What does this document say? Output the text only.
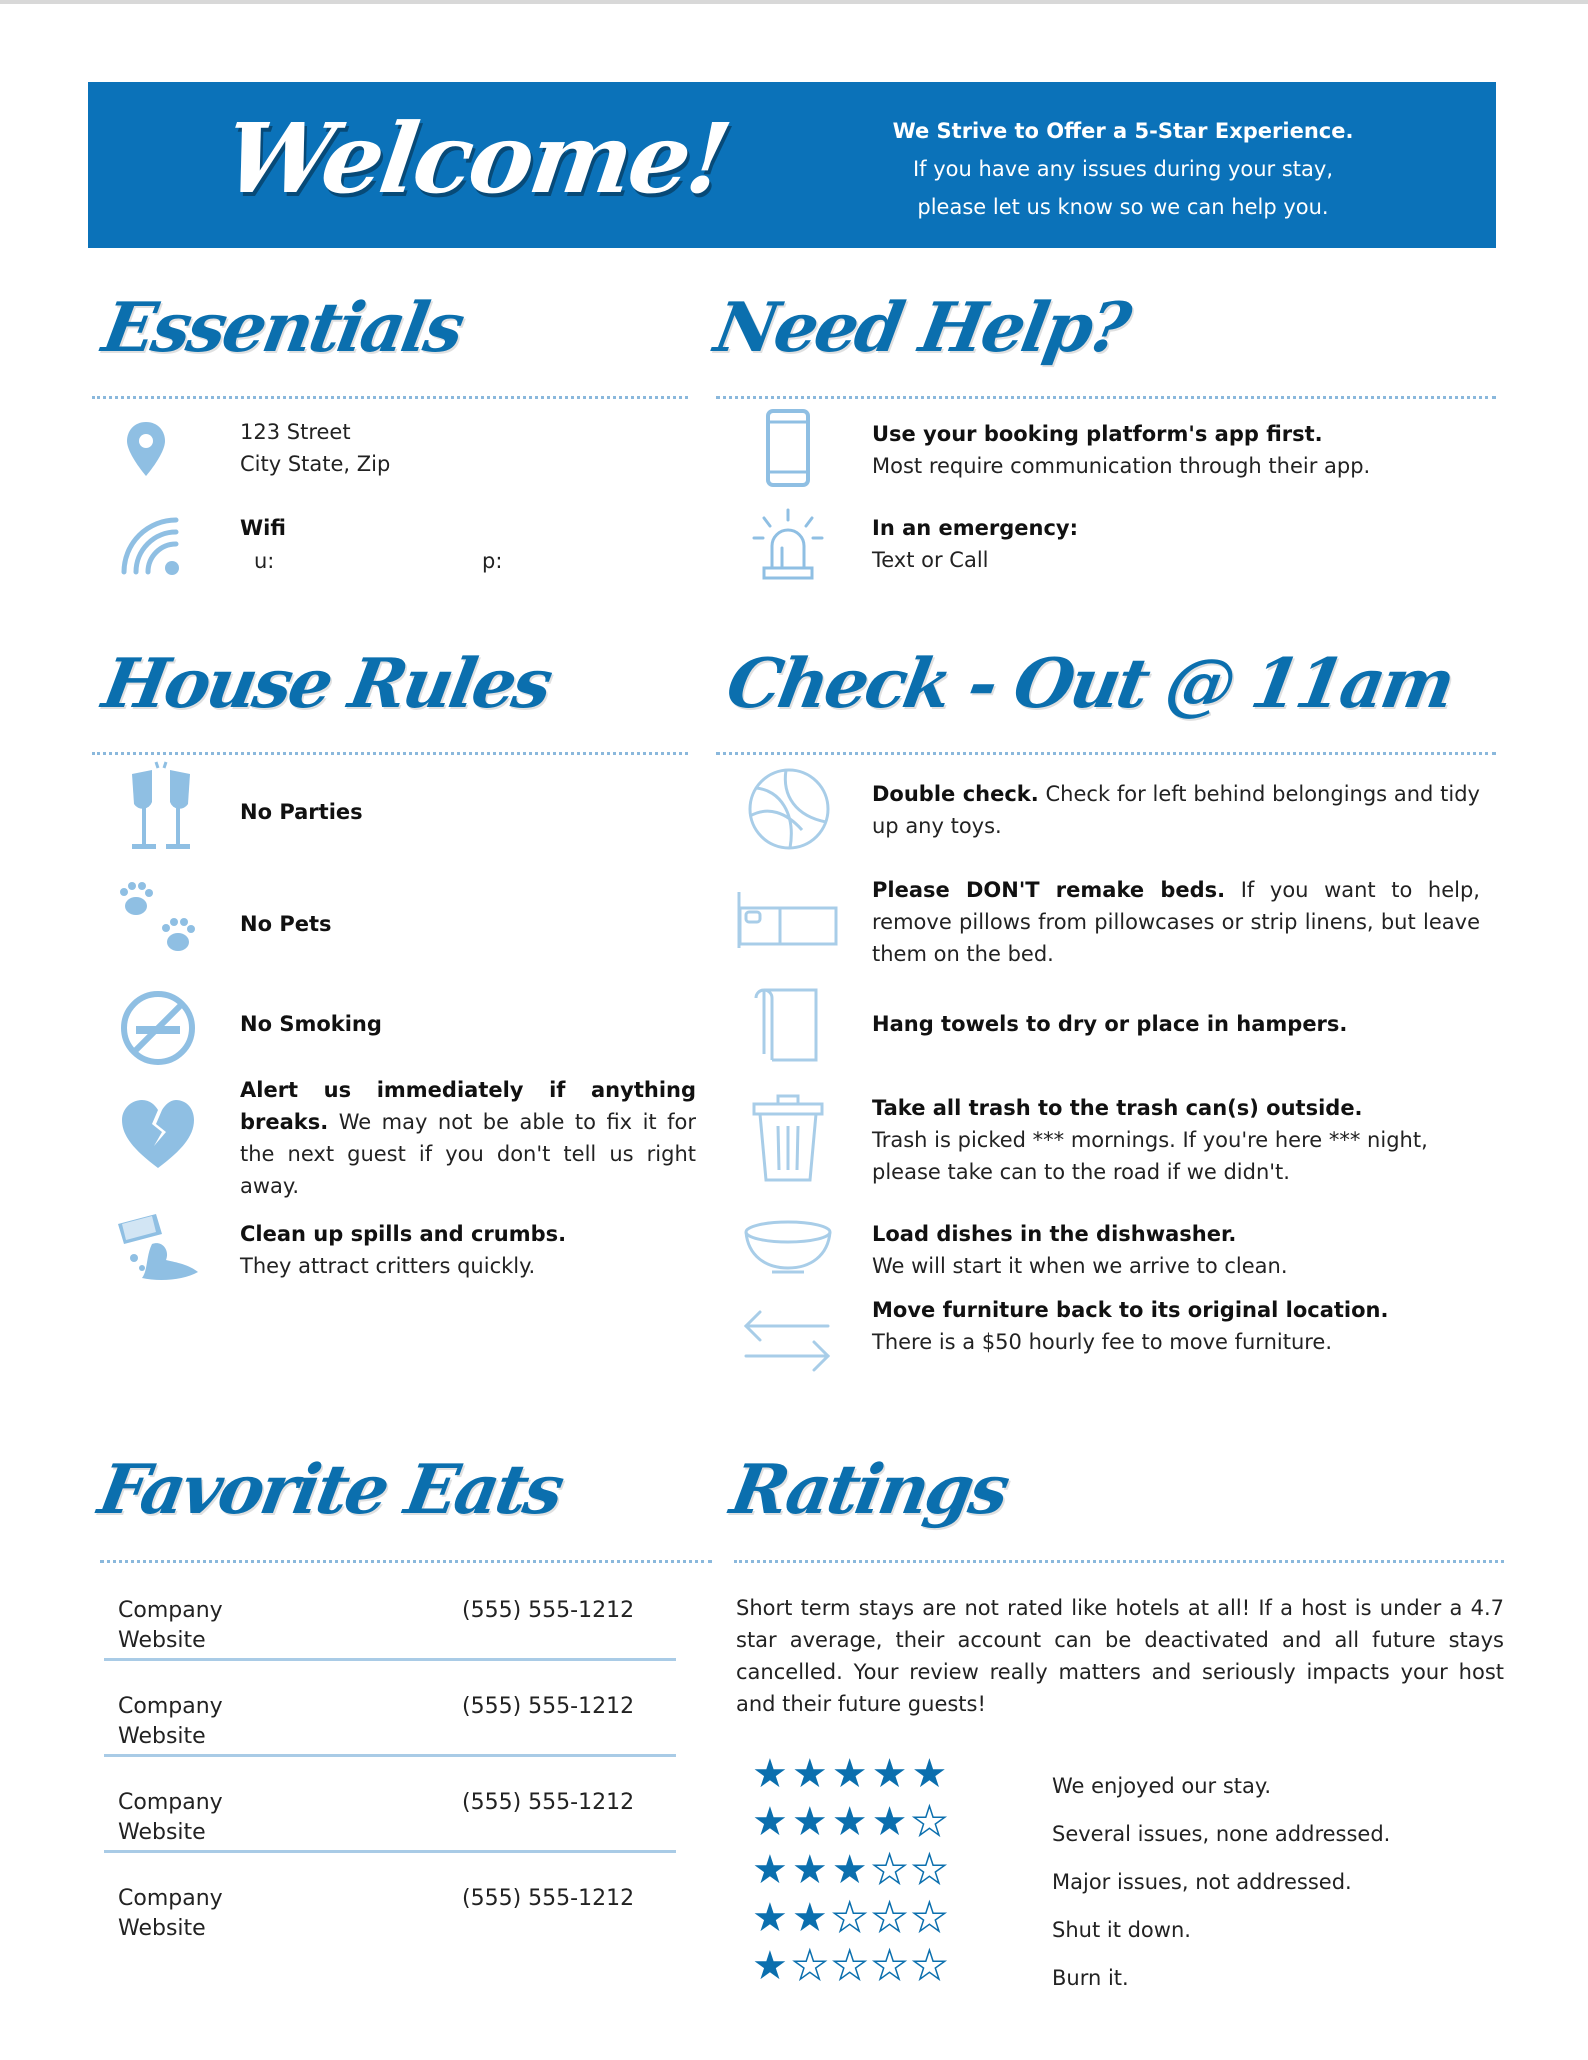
Welcome!	We Strive to Offer a 5-Star Experience.
If you have any issues during your stay,
please let us know so we can help you.
Essentials
123 Street
City State, Zip
Wifi
u:	p:
Need Help?
Use your booking platform's app first.
Most require communication through their app.
In an emergency:
Text or Call
House Rules
No Parties
No Pets
No Smoking
Alert us immediately if anything breaks. We may not be able to fix it for the next guest if you don't tell us right away.
Clean up spills and crumbs.
They attract critters quickly.
Check - Out @ 11am
Double check. Check for left behind belongings and tidy up any toys.
Please DON'T remake beds. If you want to help, remove pillows from pillowcases or strip linens, but leave them on the bed.
Hang towels to dry or place in hampers.
Take all trash to the trash can(s) outside.
Trash is picked *** mornings. If you're here *** night, please take can to the road if we didn't.
Load dishes in the dishwasher.
We will start it when we arrive to clean.
Move furniture back to its original location.
There is a $50 hourly fee to move furniture.
Favorite Eats
Company
Website
(555) 555-1212
Company
Website
(555) 555-1212
Company
Website
(555) 555-1212
Company
Website
(555) 555-1212
Ratings
Short term stays are not rated like hotels at all! If a host is under a 4.7 star average, their account can be deactivated and all future stays cancelled. Your review really matters and seriously impacts your host and their future guests!
★★★★★	We enjoyed our stay.
★★★★★	Several issues, none addressed.
★★★★★	Major issues, not addressed.
★★★★★	Shut it down.
★★★★★	Burn it.
